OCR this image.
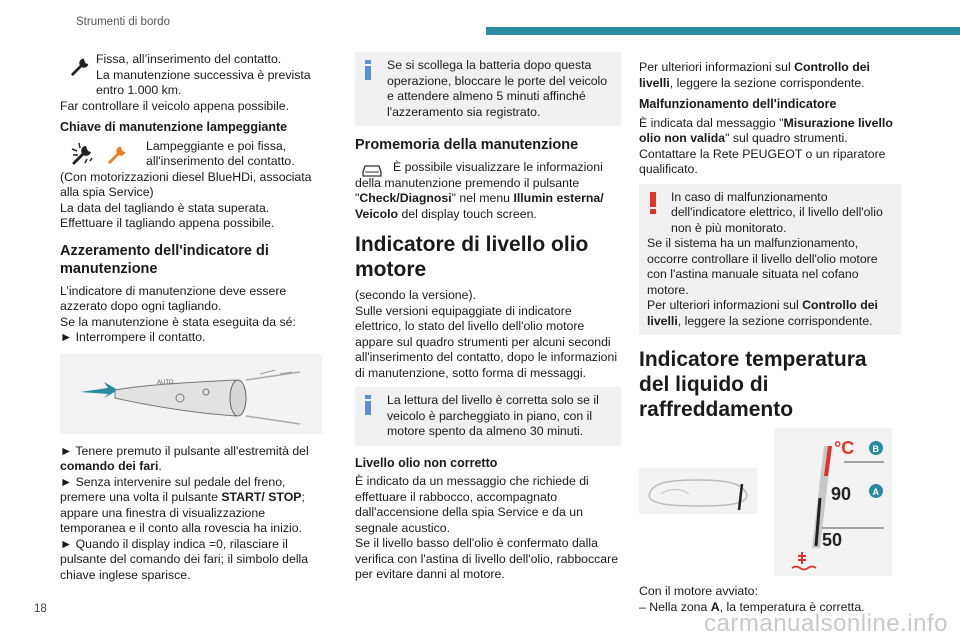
Strumenti di bordo
Fissa, all’inserimento del contatto.
La manutenzione successiva è prevista entro 1.000 km.

Far controllare il veicolo appena possibile.

Chiave di manutenzione lampeggiante
Lampeggiante e poi fissa, all'inserimento del contatto.
(Con motorizzazioni diesel BlueHDi, associata alla spia Service)
La data del tagliando è stata superata.

Effettuare il tagliando appena possibile.

Azzeramento dell'indicatore di manutenzione
L’indicatore di manutenzione deve essere azzerato dopo ogni tagliando.
Se la manutenzione è stata eseguita da sé:

► Interrompere il contatto.

AUTO
► Tenere premuto il pulsante all'estremità del comando dei fari.
► Senza intervenire sul pedale del freno, premere una volta il pulsante START/ STOP; appare una finestra di visualizzazione temporanea e il conto alla rovescia ha inizio.
► Quando il display indica =0, rilasciare il pulsante del comando dei fari; il simbolo della chiave inglese sparisce.
Se si scollega la batteria dopo questa operazione, bloccare le porte del veicolo e attendere almeno 5 minuti affinché l'azzeramento sia registrato.
Promemoria della manutenzione

È possibile visualizzare le informazioni della manutenzione premendo il pulsante "Check/Diagnosi" nel menu Illumin esterna/ Veicolo del display touch screen.

Indicatore di livello olio motore
(secondo la versione).

Sulle versioni equipaggiate di indicatore elettrico, lo stato del livello dell'olio motore appare sul quadro strumenti per alcuni secondi all'inserimento del contatto, dopo le informazioni di manutenzione, sotto forma di messaggi.

La lettura del livello è corretta solo se il veicolo è parcheggiato in piano, con il motore spento da almeno 30 minuti.
Livello olio non corretto
È indicato da un messaggio che richiede di effettuare il rabbocco, accompagnato dall'accensione della spia Service e da un segnale acustico.
Se il livello basso dell'olio è confermato dalla verifica con l'astina di livello dell'olio, rabboccare per evitare danni al motore.

Per ulteriori informazioni sul Controllo dei livelli, leggere la sezione corrispondente.

Malfunzionamento dell'indicatore
È indicata dal messaggio "Misurazione livello olio non valida" sul quadro strumenti.

Contattare la Rete PEUGEOT o un riparatore qualificato.

In caso di malfunzionamento dell'indicatore elettrico, il livello dell'olio non è più monitorato.
Se il sistema ha un malfunzionamento, occorre controllare il livello dell'olio motore con l'astina manuale situata nel cofano motore.
Per ulteriori informazioni sul Controllo dei livelli, leggere la sezione corrispondente.
Indicatore temperatura del liquido di raffreddamento
°C
90
50
B
A
Con il motore avviato:
– Nella zona A, la temperatura è corretta.
18
carmanualsonline.info
